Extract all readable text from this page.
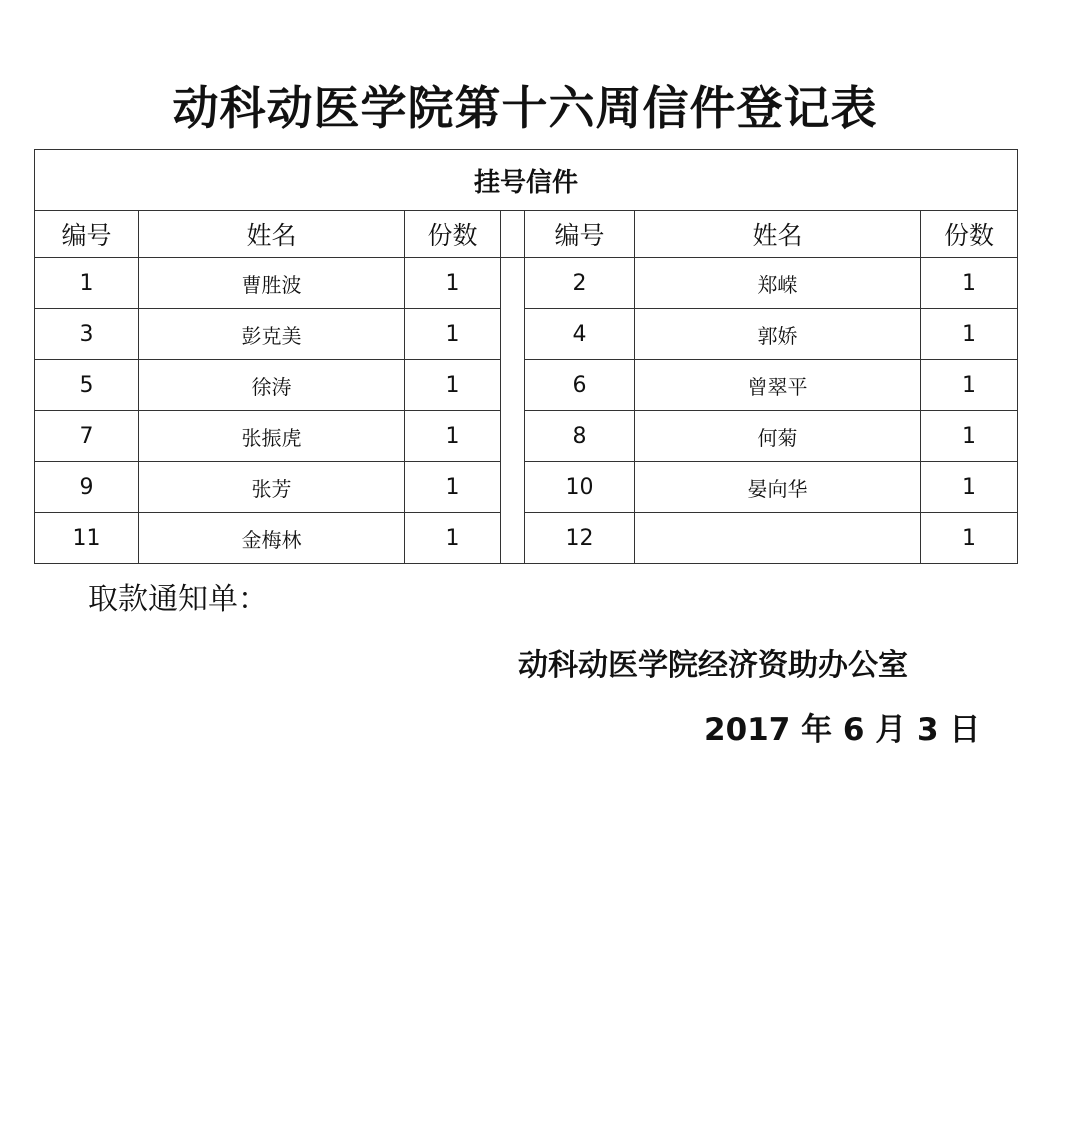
动科动医学院第十六周信件登记表
挂号信件						
编号	姓名	份数		编号	姓名	份数
1	曹胜波	1		2	郑嵘	1
3	彭克美	1		4	郭娇	1
5	徐涛	1		6	曾翠平	1
7	张振虎	1		8	何菊	1
9	张芳	1		10	晏向华	1
11	金梅林	1		12		1
取款通知单：
动科动医学院经济资助办公室
2017 年 6 月 3 日
